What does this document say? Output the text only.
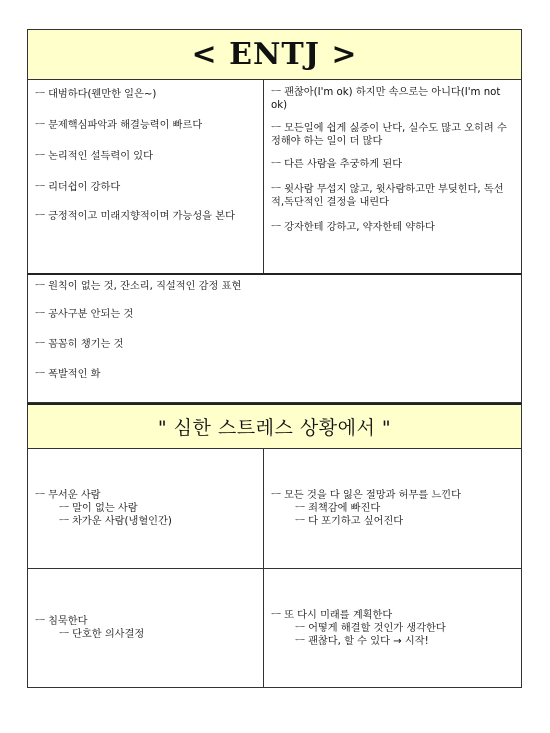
< ENTJ >
ㅡ 대범하다(웬만한 일은~)
ㅡ 문제핵심파악과 해결능력이 빠르다
ㅡ 논리적인 설득력이 있다
ㅡ 리더쉽이 강하다
ㅡ 긍정적이고 미래지향적이며 가능성을 본다
ㅡ 괜찮아(I'm ok) 하지만 속으로는 아니다(I'm not ok)
ㅡ 모든일에 쉽게 싫증이 난다, 실수도 많고 오히려 수정해야 하는 일이 더 많다
ㅡ 다른 사람을 추궁하게 된다
ㅡ 윗사람 무섭지 않고, 윗사람하고만 부딪힌다, 독선적,독단적인 결정을 내린다
ㅡ 강자한테 강하고, 약자한테 약하다
ㅡ 원칙이 없는 것, 잔소리, 직설적인 감정 표현
ㅡ 공사구분 안되는 것
ㅡ 꼼꼼히 챙기는 것
ㅡ 폭발적인 화
" 심한 스트레스 상황에서 "
ㅡ 무서운 사람
ㅡ 말이 없는 사람
ㅡ 차가운 사람(냉혈인간)
ㅡ 모든 것을 다 잃은 절망과 허무를 느낀다
ㅡ 죄책감에 빠진다
ㅡ 다 포기하고 싶어진다
ㅡ 침묵한다
ㅡ 단호한 의사결정
ㅡ 또 다시 미래를 계획한다
ㅡ 어떻게 해결할 것인가 생각한다
ㅡ 괜찮다, 할 수 있다 → 시작!
